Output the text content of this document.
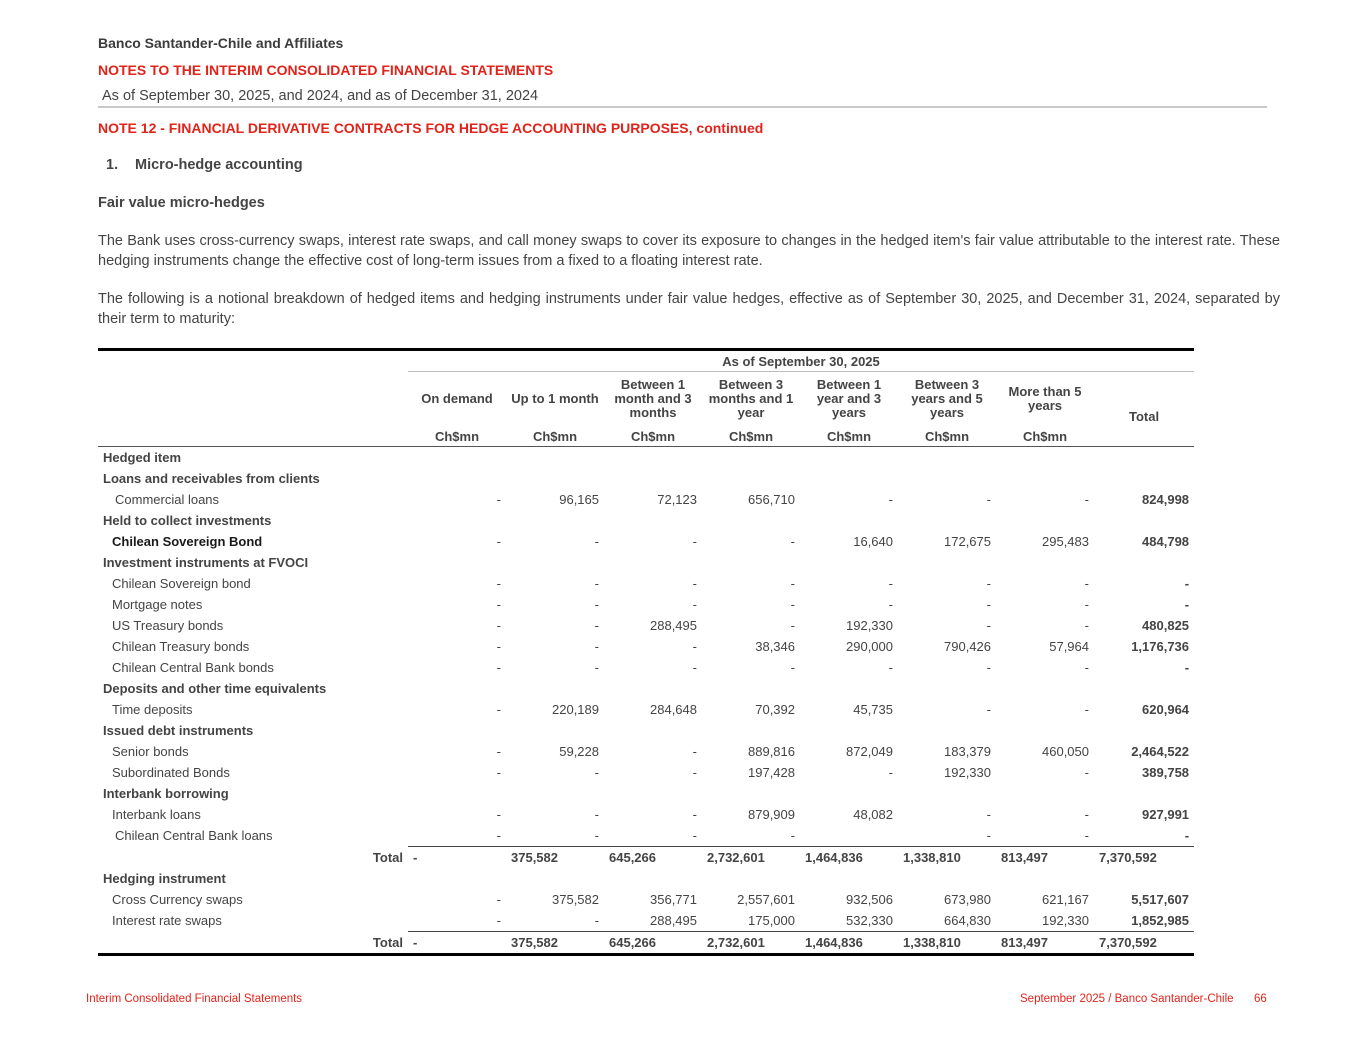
Banco Santander-Chile and Affiliates
NOTES TO THE INTERIM CONSOLIDATED FINANCIAL STATEMENTS
As of September 30, 2025, and 2024, and as of December 31, 2024
NOTE 12 - FINANCIAL DERIVATIVE CONTRACTS FOR HEDGE ACCOUNTING PURPOSES, continued
1. Micro-hedge accounting
Fair value micro-hedges
The Bank uses cross-currency swaps, interest rate swaps, and call money swaps to cover its exposure to changes in the hedged item's fair value attributable to the interest rate. These hedging instruments change the effective cost of long-term issues from a fixed to a floating interest rate.
The following is a notional breakdown of hedged items and hedging instruments under fair value hedges, effective as of September 30, 2025, and December 31, 2024, separated by their term to maturity:
	As of September 30, 2025							
	On demand	Up to 1 month	Between 1 month and 3 months	Between 3 months and 1 year	Between 1 year and 3 years	Between 3 years and 5 years	More than 5 years	Total
	Ch$mn	Ch$mn	Ch$mn	Ch$mn	Ch$mn	Ch$mn	Ch$mn	
Hedged item								
Loans and receivables from clients								
Commercial loans	-	96,165	72,123	656,710	-	-	-	824,998
Held to collect investments								
Chilean Sovereign Bond	-	-	-	-	16,640	172,675	295,483	484,798
Investment instruments at FVOCI								
Chilean Sovereign bond	-	-	-	-	-	-	-	-
Mortgage notes	-	-	-	-	-	-	-	-
US Treasury bonds	-	-	288,495	-	192,330	-	-	480,825
Chilean Treasury bonds	-	-	-	38,346	290,000	790,426	57,964	1,176,736
Chilean Central Bank bonds	-	-	-	-	-	-	-	-
Deposits and other time equivalents								
Time deposits	-	220,189	284,648	70,392	45,735	-	-	620,964
Issued debt instruments								
Senior bonds	-	59,228	-	889,816	872,049	183,379	460,050	2,464,522
Subordinated Bonds	-	-	-	197,428	-	192,330	-	389,758
Interbank borrowing								
Interbank loans	-	-	-	879,909	48,082	-	-	927,991
Chilean Central Bank loans	-	-	-	-		-	-	-
Total	-	375,582	645,266	2,732,601	1,464,836	1,338,810	813,497	7,370,592
Hedging instrument								
Cross Currency swaps	-	375,582	356,771	2,557,601	932,506	673,980	621,167	5,517,607
Interest rate swaps	-	-	288,495	175,000	532,330	664,830	192,330	1,852,985
Total	-	375,582	645,266	2,732,601	1,464,836	1,338,810	813,497	7,370,592
Interim Consolidated Financial Statements	September 2025 / Banco Santander-Chile 66
